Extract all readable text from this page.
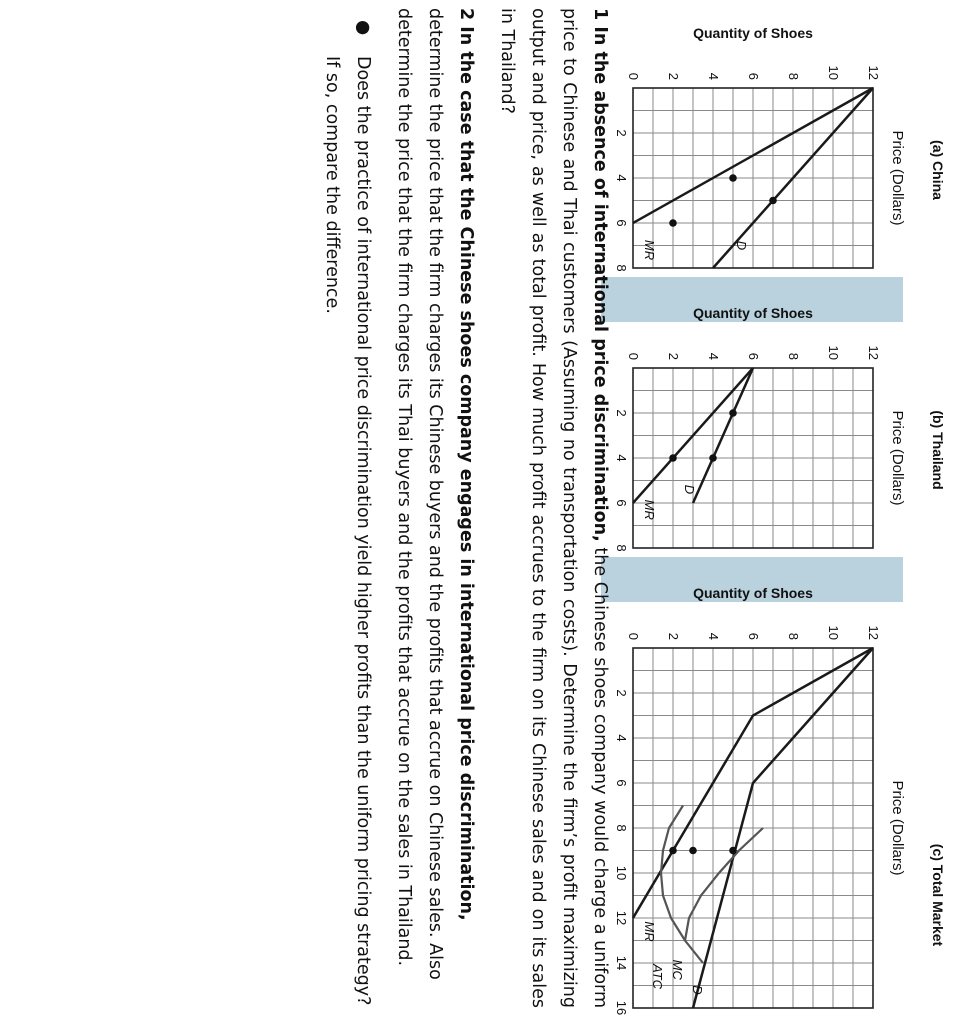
(a) China
0 2 4 6 8 10 12
2
4
6
8
Price (Dollars)
Quantity of Shoes
D
MR
(b) Thailand
0 2 4 6 8 10 12
2
4
6
8
Price (Dollars)
Quantity of Shoes
D
MR
(c) Total Market
0 2 4 6 8 10 12
2
4
6
8
10
12
14
16
Price (Dollars)
Quantity of Shoes
MC
ATC
MR
D

1 In the absence of international price discrimination, the Chinese shoes company would charge a uniform price to Chinese and Thai customers (Assuming no transportation costs). Determine the firm’s profit maximizing output and price, as well as total profit. How much profit accrues to the firm on its Chinese sales and on its sales in Thailand?

2 In the case that the Chinese shoes company engages in international price discrimination, determine the price that the firm charges its Chinese buyers and the profits that accrue on Chinese sales. Also determine the price that the firm charges its Thai buyers and the profits that accrue on the sales in Thailand.

●
Does the practice of international price discrimination yield higher profits than the uniform pricing strategy? If so, compare the difference.
